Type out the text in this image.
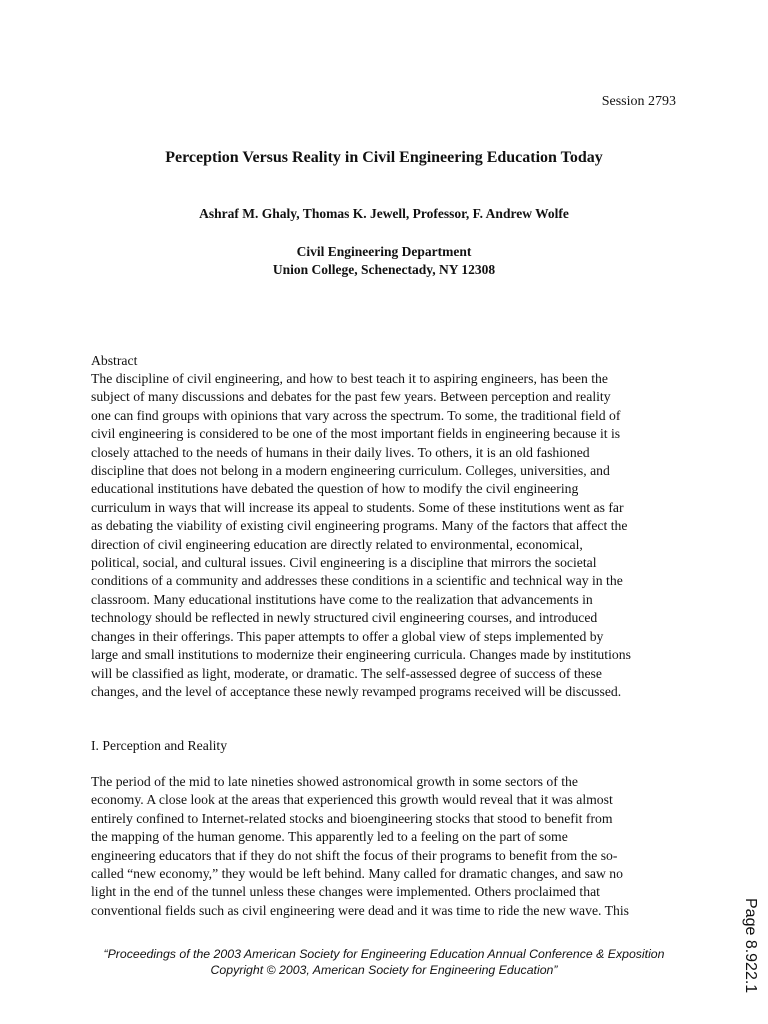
Session 2793
Perception Versus Reality in Civil Engineering Education Today
Ashraf M. Ghaly, Thomas K. Jewell, Professor, F. Andrew Wolfe
Civil Engineering Department
Union College, Schenectady, NY 12308
Abstract
The discipline of civil engineering, and how to best teach it to aspiring engineers, has been the
subject of many discussions and debates for the past few years. Between perception and reality
one can find groups with opinions that vary across the spectrum. To some, the traditional field of
civil engineering is considered to be one of the most important fields in engineering because it is
closely attached to the needs of humans in their daily lives. To others, it is an old fashioned
discipline that does not belong in a modern engineering curriculum. Colleges, universities, and
educational institutions have debated the question of how to modify the civil engineering
curriculum in ways that will increase its appeal to students. Some of these institutions went as far
as debating the viability of existing civil engineering programs. Many of the factors that affect the
direction of civil engineering education are directly related to environmental, economical,
political, social, and cultural issues. Civil engineering is a discipline that mirrors the societal
conditions of a community and addresses these conditions in a scientific and technical way in the
classroom. Many educational institutions have come to the realization that advancements in
technology should be reflected in newly structured civil engineering courses, and introduced
changes in their offerings. This paper attempts to offer a global view of steps implemented by
large and small institutions to modernize their engineering curricula. Changes made by institutions
will be classified as light, moderate, or dramatic. The self-assessed degree of success of these
changes, and the level of acceptance these newly revamped programs received will be discussed.
I. Perception and Reality
The period of the mid to late nineties showed astronomical growth in some sectors of the
economy. A close look at the areas that experienced this growth would reveal that it was almost
entirely confined to Internet-related stocks and bioengineering stocks that stood to benefit from
the mapping of the human genome. This apparently led to a feeling on the part of some
engineering educators that if they do not shift the focus of their programs to benefit from the so-
called “new economy,” they would be left behind. Many called for dramatic changes, and saw no
light in the end of the tunnel unless these changes were implemented. Others proclaimed that
conventional fields such as civil engineering were dead and it was time to ride the new wave. This
“Proceedings of the 2003 American Society for Engineering Education Annual Conference & Exposition
Copyright © 2003, American Society for Engineering Education”	Page 8.922.1
